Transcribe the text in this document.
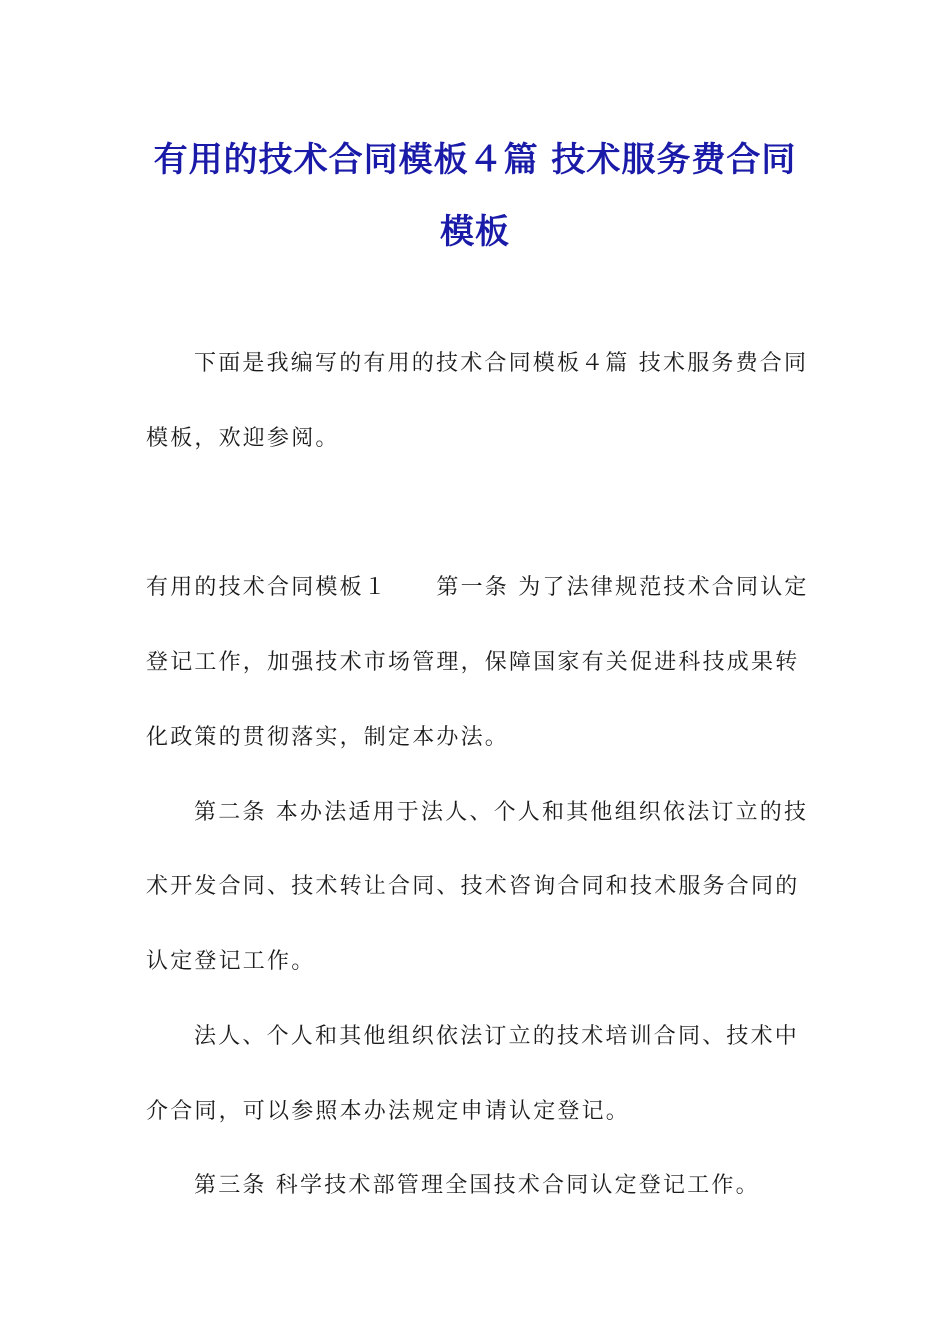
有用的技术合同模板４篇 技术服务费合同
模板
下面是我编写的有用的技术合同模板４篇 技术服务费合同
模板，欢迎参阅。
有用的技术合同模板１　　第一条 为了法律规范技术合同认定
登记工作，加强技术市场管理，保障国家有关促进科技成果转
化政策的贯彻落实，制定本办法。
第二条 本办法适用于法人、个人和其他组织依法订立的技
术开发合同、技术转让合同、技术咨询合同和技术服务合同的
认定登记工作。
法人、个人和其他组织依法订立的技术培训合同、技术中
介合同，可以参照本办法规定申请认定登记。
第三条 科学技术部管理全国技术合同认定登记工作。
